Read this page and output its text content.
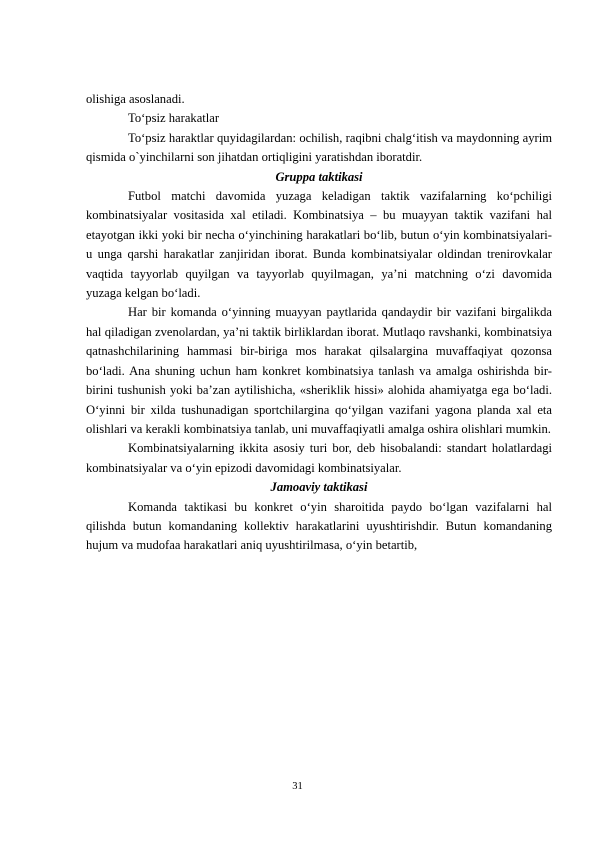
olishiga asoslanadi.

To‘psiz harakatlar

To‘psiz haraktlar quyidagilardan: ochilish, raqibni chalg‘itish va maydonning ayrim qismida o`yinchilarni son jihatdan ortiqligini yaratishdan iboratdir.

Gruppa taktikasi

Futbol matchi davomida yuzaga keladigan taktik vazifalarning ko‘pchiligi kombinatsiyalar vositasida xal etiladi. Kombinatsiya – bu muayyan taktik vazifani hal etayotgan ikki yoki bir necha o‘yinchining harakatlari bo‘lib, butun o‘yin kombinatsiyalari-u unga qarshi harakatlar zanjiridan iborat. Bunda kombinatsiyalar oldindan trenirovkalar vaqtida tayyorlab quyilgan va tayyorlab quyilmagan, ya’ni matchning o‘zi davomida yuzaga kelgan bo‘ladi.

Har bir komanda o‘yinning muayyan paytlarida qandaydir bir vazifani birgalikda hal qiladigan zvenolardan, ya’ni taktik birliklardan iborat. Mutlaqo ravshanki, kombinatsiya qatnashchilarining hammasi bir-biriga mos harakat qilsalargina muvaffaqiyat qozonsa bo‘ladi. Ana shuning uchun ham konkret kombinatsiya tanlash va amalga oshirishda bir-birini tushunish yoki ba’zan aytilishicha, «sheriklik hissi» alohida ahamiyatga ega bo‘ladi. O‘yinni bir xilda tushunadigan sportchilargina qo‘yilgan vazifani yagona planda xal eta olishlari va kerakli kombinatsiya tanlab, uni muvaffaqiyatli amalga oshira olishlari mumkin.

Kombinatsiyalarning ikkita asosiy turi bor, deb hisobalandi: standart holatlardagi kombinatsiyalar va o‘yin epizodi davomidagi kombinatsiyalar.

Jamoaviy taktikasi

Komanda taktikasi bu konkret o‘yin sharoitida paydo bo‘lgan vazifalarni hal qilishda butun komandaning kollektiv harakatlarini uyushtirishdir. Butun komandaning hujum va mudofaa harakatlari aniq uyushtirilmasa, o‘yin betartib,

31
